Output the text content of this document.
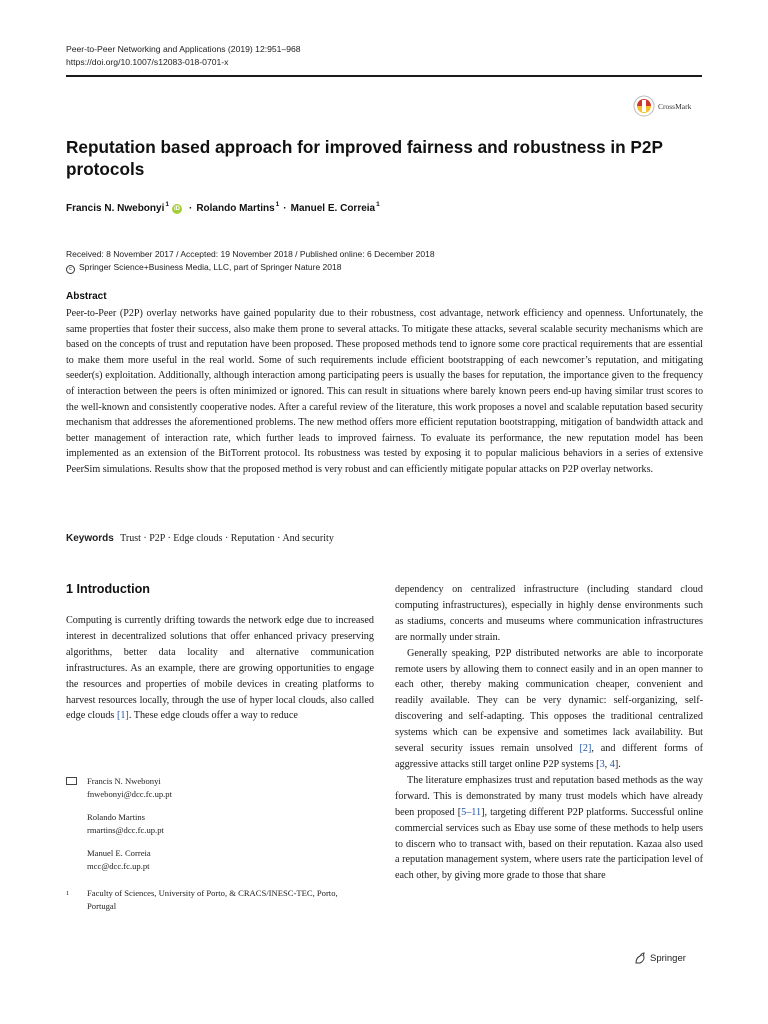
Peer-to-Peer Networking and Applications (2019) 12:951–968
https://doi.org/10.1007/s12083-018-0701-x
CrossMark
Reputation based approach for improved fairness and robustness in P2P protocols
Francis N. Nwebonyi$^1$
iD · Rolando Martins$^1$ · Manuel E. Correia$^1$
Received: 8 November 2017 / Accepted: 19 November 2018 / Published online: 6 December 2018
c Springer Science+Business Media, LLC, part of Springer Nature 2018
Abstract
Peer-to-Peer (P2P) overlay networks have gained popularity due to their robustness, cost advantage, network efficiency and openness. Unfortunately, the same properties that foster their success, also make them prone to several attacks. To mitigate these attacks, several scalable security mechanisms which are based on the concepts of trust and reputation have been proposed. These proposed methods tend to ignore some core practical requirements that are essential to make them more useful in the real world. Some of such requirements include efficient bootstrapping of each newcomer’s reputation, and mitigating seeder(s) exploitation. Additionally, although interaction among participating peers is usually the bases for reputation, the importance given to the frequency of interaction between the peers is often minimized or ignored. This can result in situations where barely known peers end-up having similar trust scores to the well-known and consistently cooperative nodes. After a careful review of the literature, this work proposes a novel and scalable reputation based security mechanism that addresses the aforementioned problems. The new method offers more efficient reputation bootstrapping, mitigation of bandwidth attack and better management of interaction rate, which further leads to improved fairness. To evaluate its performance, the new reputation model has been implemented as an extension of the BitTorrent protocol. Its robustness was tested by exposing it to popular malicious behaviors in a series of extensive PeerSim simulations. Results show that the proposed method is very robust and can efficiently mitigate popular attacks on P2P overlay networks.
Keywords Trust · P2P · Edge clouds · Reputation · And security
1 Introduction

Computing is currently drifting towards the network edge due to increased interest in decentralized solutions that offer enhanced privacy preserving algorithms, better data locality and alternative communication infrastructures. As an example, there are growing opportunities to engage the resources and properties of mobile devices in creating platforms to harvest resources locally, through the use of hyper local clouds, also called edge clouds [1]. These edge clouds offer a way to reduce

Francis N. Nwebonyi
fnwebonyi@dcc.fc.up.pt
Rolando Martins
rmartins@dcc.fc.up.pt
Manuel E. Correia
mcc@dcc.fc.up.pt
1	Faculty of Sciences, University of Porto, & CRACS/INESC-TEC, Porto, Portugal

dependency on centralized infrastructure (including standard cloud computing infrastructures), especially in highly dense environments such as stadiums, concerts and museums where communication infrastructures are normally under strain.

Generally speaking, P2P distributed networks are able to incorporate remote users by allowing them to connect easily and in an open manner to each other, thereby making communication cheaper, convenient and readily available. They can be very dynamic: self-organizing, self-discovering and self-adapting. This opposes the traditional centralized systems which can be expensive and sometimes lack availability. But several security issues remain unsolved [2], and different forms of aggressive attacks still target online P2P systems [3, 4].

The literature emphasizes trust and reputation based methods as the way forward. This is demonstrated by many trust models which have already been proposed [5–11], targeting different P2P platforms. Successful online commercial services such as Ebay use some of these methods to help users to discern who to transact with, based on their reputation. Kazaa also used a reputation management system, where users rate the participation level of each other, by giving more grade to those that share

Springer
